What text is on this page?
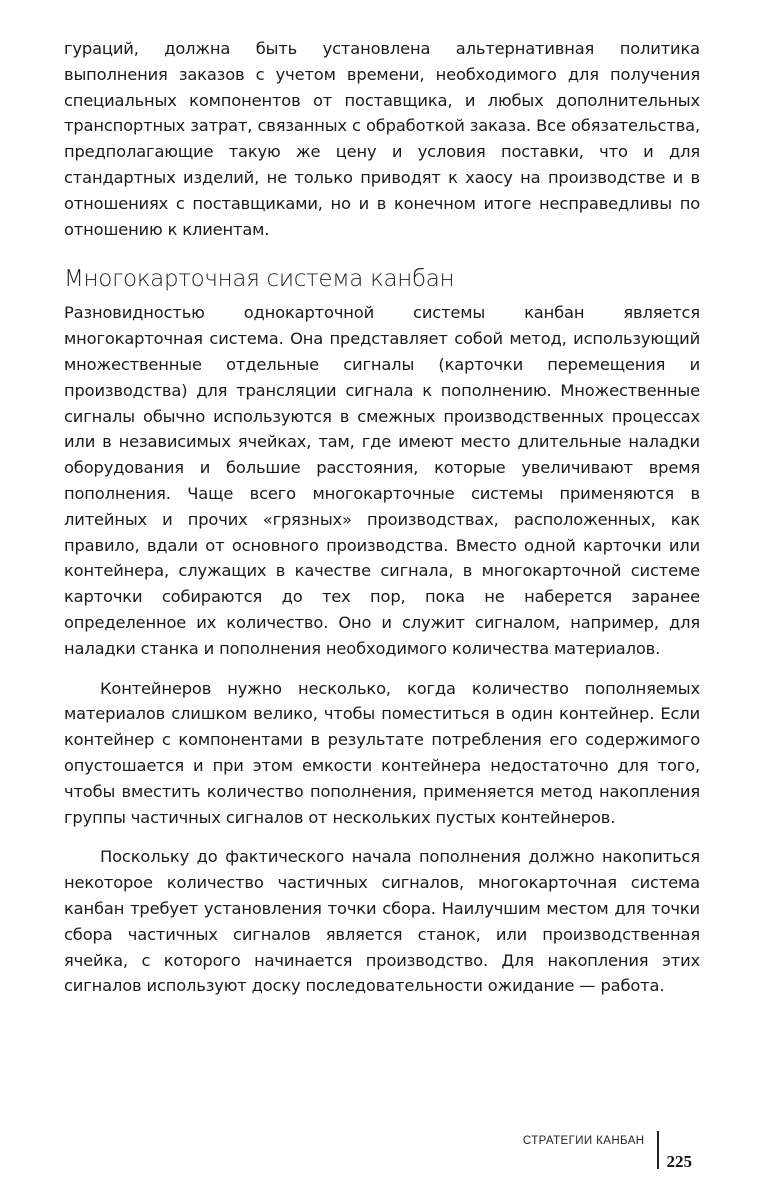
гураций, должна быть установлена альтернативная политика выполнения заказов с учетом времени, необходимого для получения специальных компонентов от поставщика, и любых дополнительных транспортных затрат, связанных с обработкой заказа. Все обязательства, предполагающие такую же цену и условия поставки, что и для стандартных изделий, не только приводят к хаосу на производстве и в отношениях с поставщиками, но и в конечном итоге несправедливы по отношению к клиентам.

Многокарточная система канбан

Разновидностью однокарточной системы канбан является многокарточная система. Она представляет собой метод, использующий множественные отдельные сигналы (карточки перемещения и производства) для трансляции сигнала к пополнению. Множественные сигналы обычно используются в смежных производственных процессах или в независимых ячейках, там, где имеют место длительные наладки оборудования и большие расстояния, которые увеличивают время пополнения. Чаще всего многокарточные системы применяются в литейных и прочих «грязных» производствах, расположенных, как правило, вдали от основного производства. Вместо одной карточки или контейнера, служащих в качестве сигнала, в многокарточной системе карточки собираются до тех пор, пока не наберется заранее определенное их количество. Оно и служит сигналом, например, для наладки станка и пополнения необходимого количества материалов.

Контейнеров нужно несколько, когда количество пополняемых материалов слишком велико, чтобы поместиться в один контейнер. Если контейнер с компонентами в результате потребления его содержимого опустошается и при этом емкости контейнера недостаточно для того, чтобы вместить количество пополнения, применяется метод накопления группы частичных сигналов от нескольких пустых контейнеров.

Поскольку до фактического начала пополнения должно накопиться некоторое количество частичных сигналов, многокарточная система канбан требует установления точки сбора. Наилучшим местом для точки сбора частичных сигналов является станок, или производственная ячейка, с которого начинается производство. Для накопления этих сигналов используют доску последовательности ожидание — работа.

СТРАТЕГИИ КАНБАН
225
